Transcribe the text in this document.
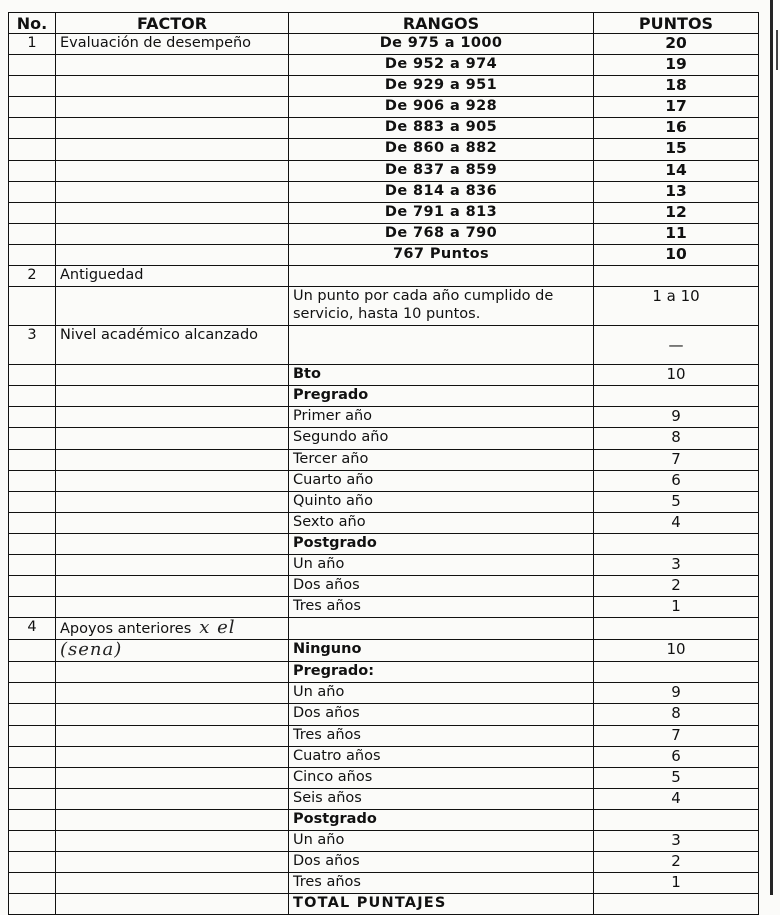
No.	FACTOR	RANGOS	PUNTOS
1	Evaluación de desempeño	De 975 a 1000	20
		De 952 a 974	19
		De 929 a 951	18
		De 906 a 928	17
		De 883 a 905	16
		De 860 a 882	15
		De 837 a 859	14
		De 814 a 836	13
		De 791 a 813	12
		De 768 a 790	11
		767 Puntos	10
2	Antiguedad		
		Un punto por cada año cumplido de servicio, hasta 10 puntos.	1 a 10
3	Nivel académico alcanzado		—
		Bto	10
		Pregrado	
		Primer año	9
		Segundo año	8
		Tercer año	7
		Cuarto año	6
		Quinto año	5
		Sexto año	4
		Postgrado	
		Un año	3
		Dos años	2
		Tres años	1
4	Apoyos anteriores x el		
	(sena)	Ninguno	10
		Pregrado:	
		Un año	9
		Dos años	8
		Tres años	7
		Cuatro años	6
		Cinco años	5
		Seis años	4
		Postgrado	
		Un año	3
		Dos años	2
		Tres años	1
		TOTAL PUNTAJES	
